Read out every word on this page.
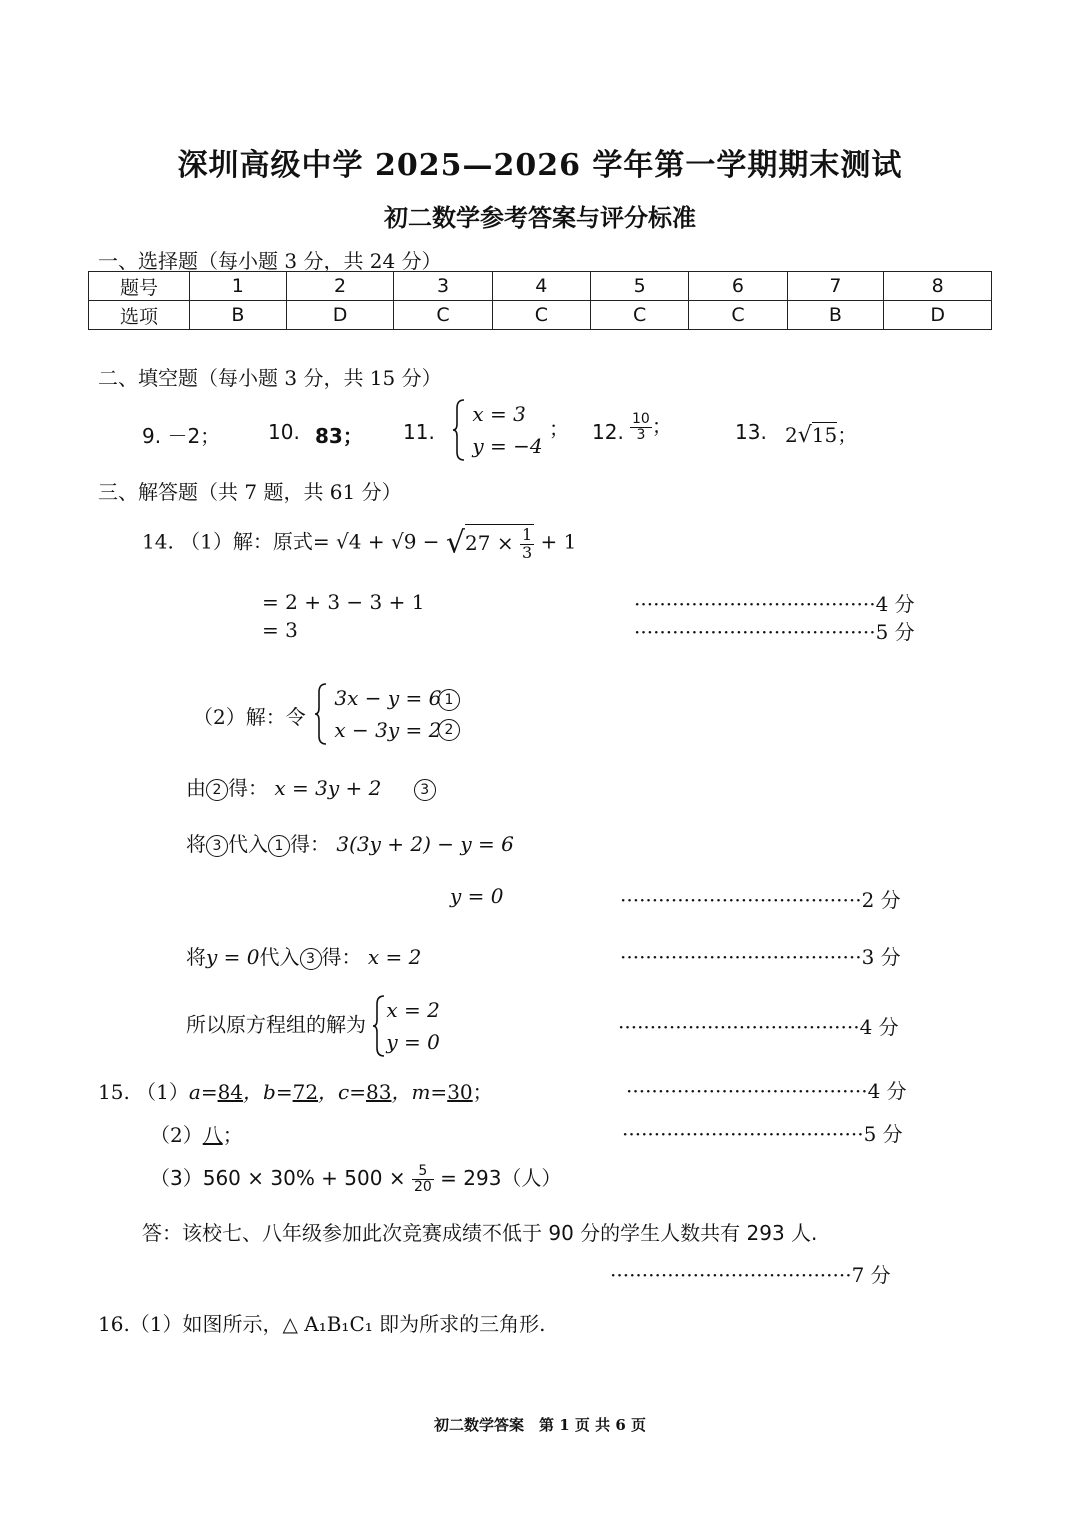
深圳高级中学 2025—2026 学年第一学期期末测试
初二数学参考答案与评分标准
一、选择题（每小题 3 分，共 24 分）
题号	1	2	3	4	5	6	7	8
选项	B	D	C	C	C	C	B	D
二、填空题（每小题 3 分，共 15 分）
9. －2； 10. 83； 11.

x = 3
y = −4
； 12. $\frac{10}{3}$ ；	13. 2√15；
三、解答题（共 7 题，共 61 分）
14. （1）解：原式= $√4 + √9 - √27 \times \frac{1}{3} + 1$
= 2 + 3 − 3 + 1
= 3
······································4 分
······································5 分
（2）解：令

3x − y = 6
x − 3y = 2
1
2
由 2 得： x = 3y + 2	3
将 3 代入 1 得： 3(3y + 2) − y = 6
y = 0	······································2 分
将y = 0代入 3 得： x = 2	······································3 分
所以原方程组的解为
x = 2
y = 0
······································4 分
15. （1）a=84，b=72，c=83，m=30；	······································4 分
（2）八；	······································5 分
$(3)560 \times 30\% + 500 \times \frac{5}{20} = 293$（人）
答：该校七、八年级参加此次竞赛成绩不低于 90 分的学生人数共有 293 人.
······································7 分
16.（1）如图所示，△ A₁B₁C₁ 即为所求的三角形.
初二数学答案　第 1 页 共 6 页
